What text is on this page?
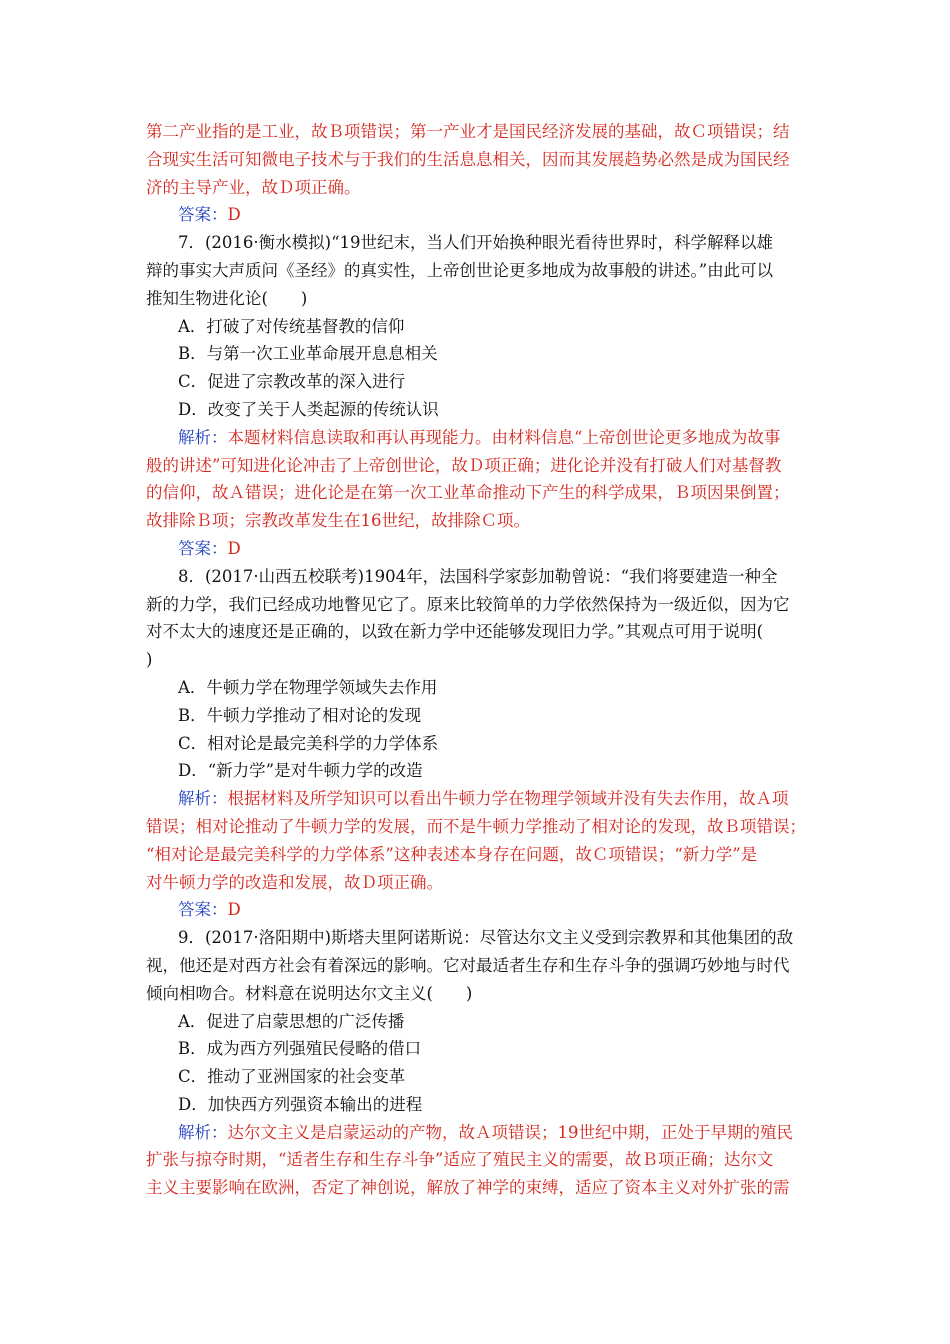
第二产业指的是工业，故Ｂ项错误；第一产业才是国民经济发展的基础，故Ｃ项错误；结
合现实生活可知微电子技术与于我们的生活息息相关，因而其发展趋势必然是成为国民经
济的主导产业，故Ｄ项正确。
答案：D
7．(2016·衡水模拟)“19世纪末，当人们开始换种眼光看待世界时，科学解释以雄
辩的事实大声质问《圣经》的真实性，上帝创世论更多地成为故事般的讲述。”由此可以
推知生物进化论(　　)
A．打破了对传统基督教的信仰
B．与第一次工业革命展开息息相关
C．促进了宗教改革的深入进行
D．改变了关于人类起源的传统认识
解析：本题材料信息读取和再认再现能力。由材料信息“上帝创世论更多地成为故事
般的讲述”可知进化论冲击了上帝创世论，故Ｄ项正确；进化论并没有打破人们对基督教
的信仰，故Ａ错误；进化论是在第一次工业革命推动下产生的科学成果，Ｂ项因果倒置；
故排除Ｂ项；宗教改革发生在16世纪，故排除Ｃ项。
答案：D
8．(2017·山西五校联考)1904年，法国科学家彭加勒曾说：“我们将要建造一种全
新的力学，我们已经成功地瞥见它了。原来比较简单的力学依然保持为一级近似，因为它
对不太大的速度还是正确的，以致在新力学中还能够发现旧力学。”其观点可用于说明(
)
A．牛顿力学在物理学领域失去作用
B．牛顿力学推动了相对论的发现
C．相对论是最完美科学的力学体系
D．“新力学”是对牛顿力学的改造
解析：根据材料及所学知识可以看出牛顿力学在物理学领域并没有失去作用，故Ａ项
错误；相对论推动了牛顿力学的发展，而不是牛顿力学推动了相对论的发现，故Ｂ项错误；
“相对论是最完美科学的力学体系”这种表述本身存在问题，故Ｃ项错误；“新力学”是
对牛顿力学的改造和发展，故Ｄ项正确。
答案：D
9．(2017·洛阳期中)斯塔夫里阿诺斯说：尽管达尔文主义受到宗教界和其他集团的敌
视，他还是对西方社会有着深远的影响。它对最适者生存和生存斗争的强调巧妙地与时代
倾向相吻合。材料意在说明达尔文主义(　　)
A．促进了启蒙思想的广泛传播
B．成为西方列强殖民侵略的借口
C．推动了亚洲国家的社会变革
D．加快西方列强资本输出的进程
解析：达尔文主义是启蒙运动的产物，故Ａ项错误；19世纪中期，正处于早期的殖民
扩张与掠夺时期，“适者生存和生存斗争”适应了殖民主义的需要，故Ｂ项正确；达尔文
主义主要影响在欧洲，否定了神创说，解放了神学的束缚，适应了资本主义对外扩张的需
